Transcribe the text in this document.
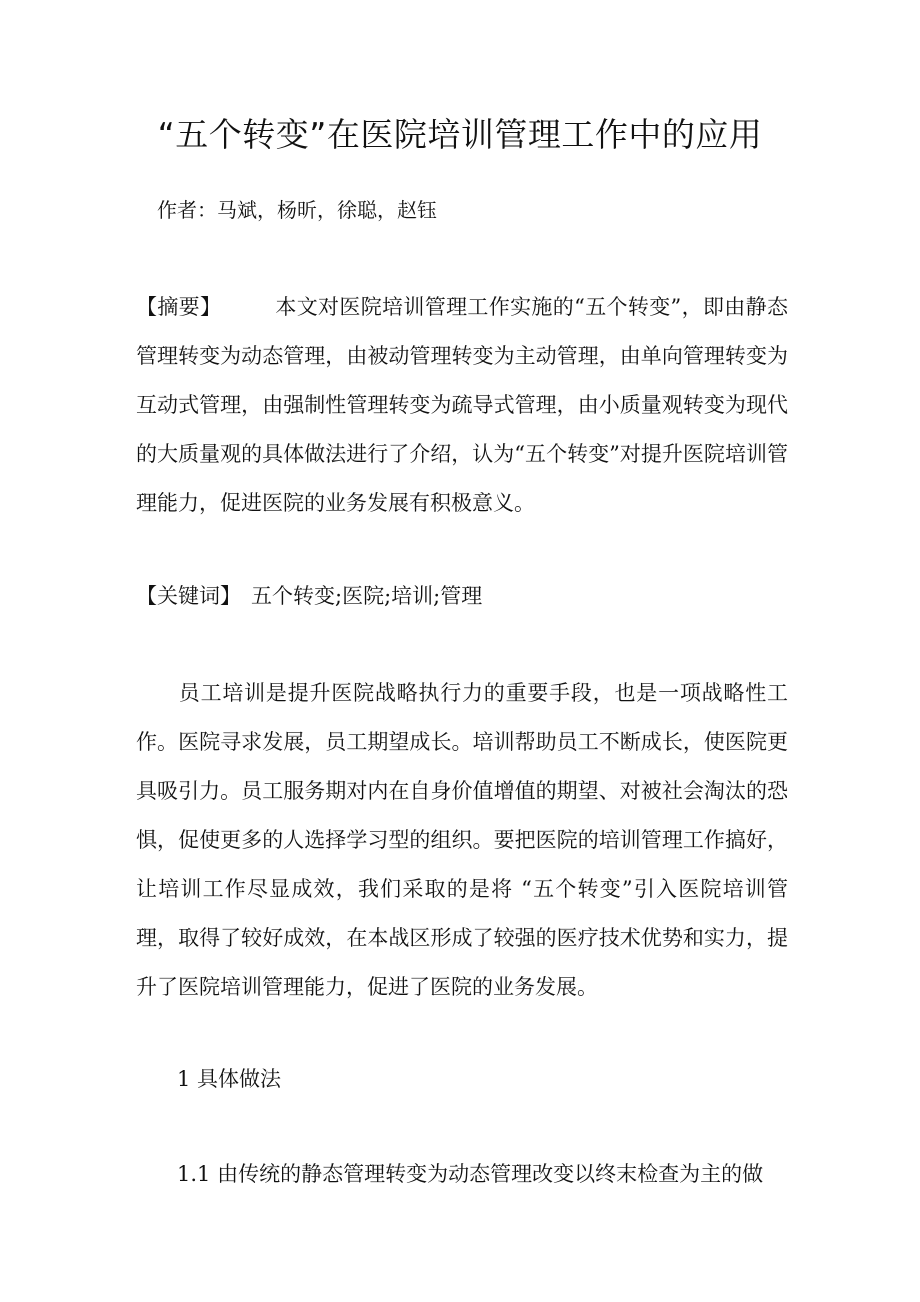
“五个转变”在医院培训管理工作中的应用
作者：马斌，杨昕，徐聪，赵钰
【摘要】	本文对医院培训管理工作实施的“五个转变”，即由静态管理转变为动态管理，由被动管理转变为主动管理，由单向管理转变为互动式管理，由强制性管理转变为疏导式管理，由小质量观转变为现代的大质量观的具体做法进行了介绍，认为“五个转变”对提升医院培训管理能力，促进医院的业务发展有积极意义。
【关键词】 五个转变;医院;培训;管理
员工培训是提升医院战略执行力的重要手段，也是一项战略性工作。医院寻求发展，员工期望成长。培训帮助员工不断成长，使医院更具吸引力。员工服务期对内在自身价值增值的期望、对被社会淘汰的恐惧，促使更多的人选择学习型的组织。要把医院的培训管理工作搞好，让培训工作尽显成效，我们采取的是将 “五个转变”引入医院培训管理，取得了较好成效，在本战区形成了较强的医疗技术优势和实力，提升了医院培训管理能力，促进了医院的业务发展。
1 具体做法
1.1 由传统的静态管理转变为动态管理改变以终末检查为主的做
